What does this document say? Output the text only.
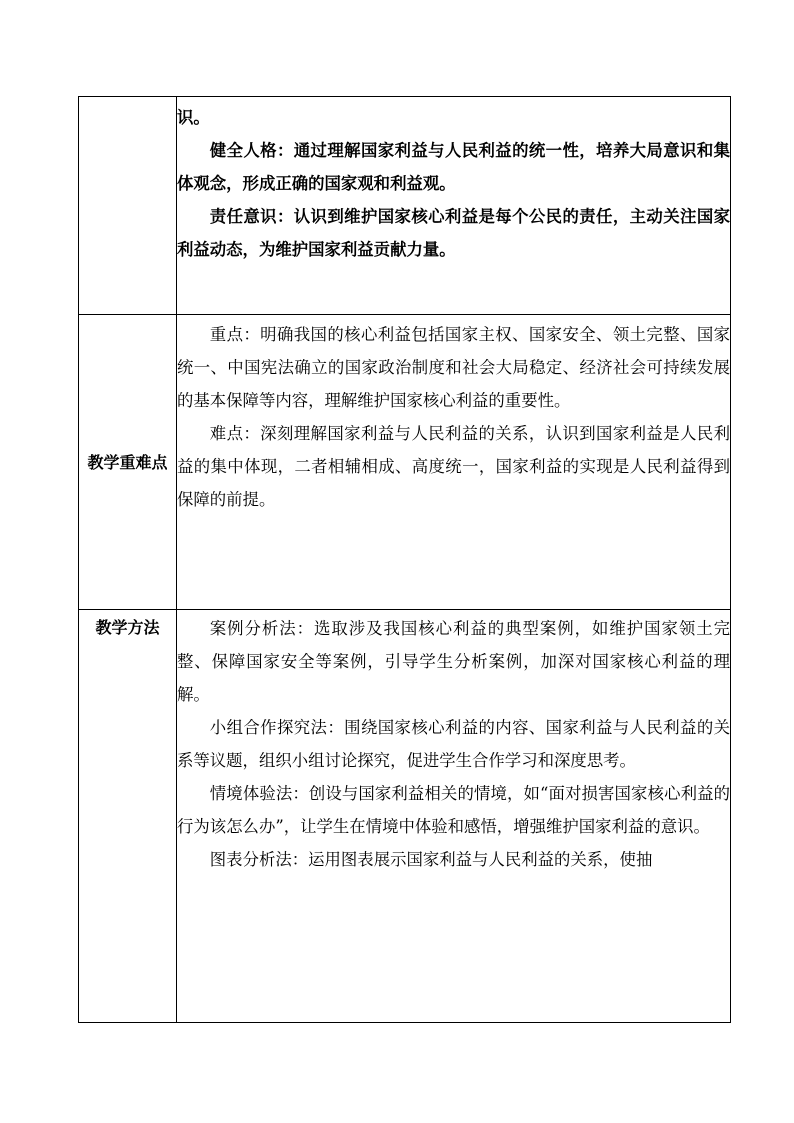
	识。

健全人格：通过理解国家利益与人民利益的统一性，培养大局意识和集体观念，形成正确的国家观和利益观。

责任意识：认识到维护国家核心利益是每个公民的责任，主动关注国家利益动态，为维护国家利益贡献力量。

教学重难点	重点：明确我国的核心利益包括国家主权、国家安全、领土完整、国家统一、中国宪法确立的国家政治制度和社会大局稳定、经济社会可持续发展的基本保障等内容，理解维护国家核心利益的重要性。

难点：深刻理解国家利益与人民利益的关系，认识到国家利益是人民利益的集中体现，二者相辅相成、高度统一，国家利益的实现是人民利益得到保障的前提。

教学方法	案例分析法：选取涉及我国核心利益的典型案例，如维护国家领土完整、保障国家安全等案例，引导学生分析案例，加深对国家核心利益的理解。

小组合作探究法：围绕国家核心利益的内容、国家利益与人民利益的关系等议题，组织小组讨论探究，促进学生合作学习和深度思考。

情境体验法：创设与国家利益相关的情境，如“面对损害国家核心利益的行为该怎么办”，让学生在情境中体验和感悟，增强维护国家利益的意识。

图表分析法：运用图表展示国家利益与人民利益的关系，使抽
